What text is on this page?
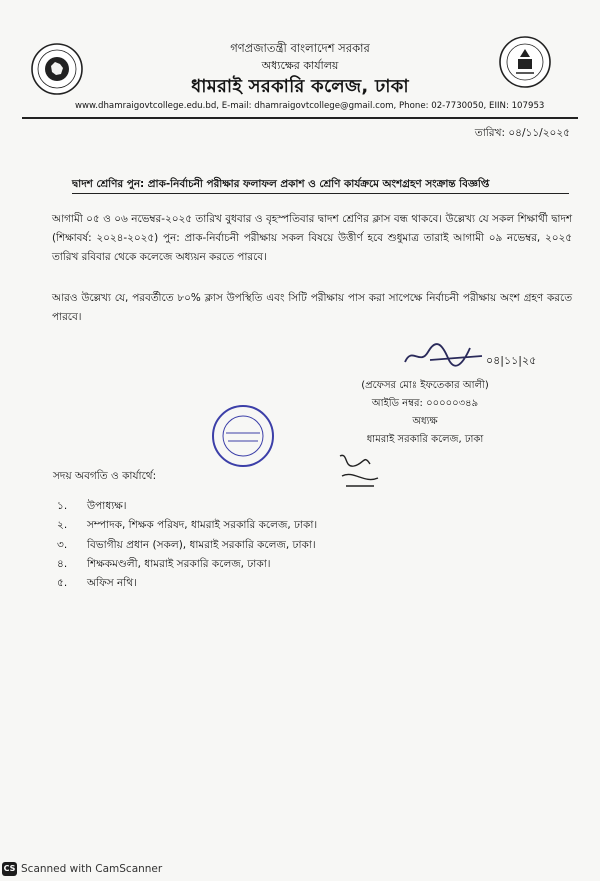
গণপ্রজাতন্ত্রী বাংলাদেশ সরকার
অধ্যক্ষের কার্যালয়
ধামরাই সরকারি কলেজ, ঢাকা
www.dhamraigovtcollege.edu.bd, E-mail: dhamraigovtcollege@gmail.com, Phone: 02-7730050, EIIN: 107953
তারিখ: ০৪/১১/২০২৫
দ্বাদশ শ্রেণির পুন: প্রাক-নির্বাচনী পরীক্ষার ফলাফল প্রকাশ ও শ্রেণি কার্যক্রমে অংশগ্রহণ সংক্রান্ত বিজ্ঞপ্তি
আগামী ০৫ ও ০৬ নভেম্বর-২০২৫ তারিখ বুধবার ও বৃহস্পতিবার দ্বাদশ শ্রেণির ক্লাস বন্ধ থাকবে। উল্লেখ্য যে সকল শিক্ষার্থী দ্বাদশ (শিক্ষাবর্ষ: ২০২৪-২০২৫) পুন: প্রাক-নির্বাচনী পরীক্ষায় সকল বিষয়ে উত্তীর্ণ হবে শুধুমাত্র তারাই আগামী ০৯ নভেম্বর, ২০২৫ তারিখ রবিবার থেকে কলেজে অধ্যয়ন করতে পারবে।
আরও উল্লেখ্য যে, পরবর্তীতে ৮০% ক্লাস উপস্থিতি এবং সিটি পরীক্ষায় পাস করা সাপেক্ষে নির্বাচনী পরীক্ষায় অংশ গ্রহণ করতে পারবে।
০৪|১১|২৫
(প্রফেসর মোঃ ইফতেকার আলী)
আইডি নম্বর: ০০০০০৩৪৯
অধ্যক্ষ
ধামরাই সরকারি কলেজ, ঢাকা
সদয় অবগতি ও কার্যার্থে:
১. উপাধ্যক্ষ।
২. সম্পাদক, শিক্ষক পরিষদ, ধামরাই সরকারি কলেজ, ঢাকা।
৩. বিভাগীয় প্রধান (সকল), ধামরাই সরকারি কলেজ, ঢাকা।
৪. শিক্ষকমণ্ডলী, ধামরাই সরকারি কলেজ, ঢাকা।
৫. অফিস নথি।
CS Scanned with CamScanner
